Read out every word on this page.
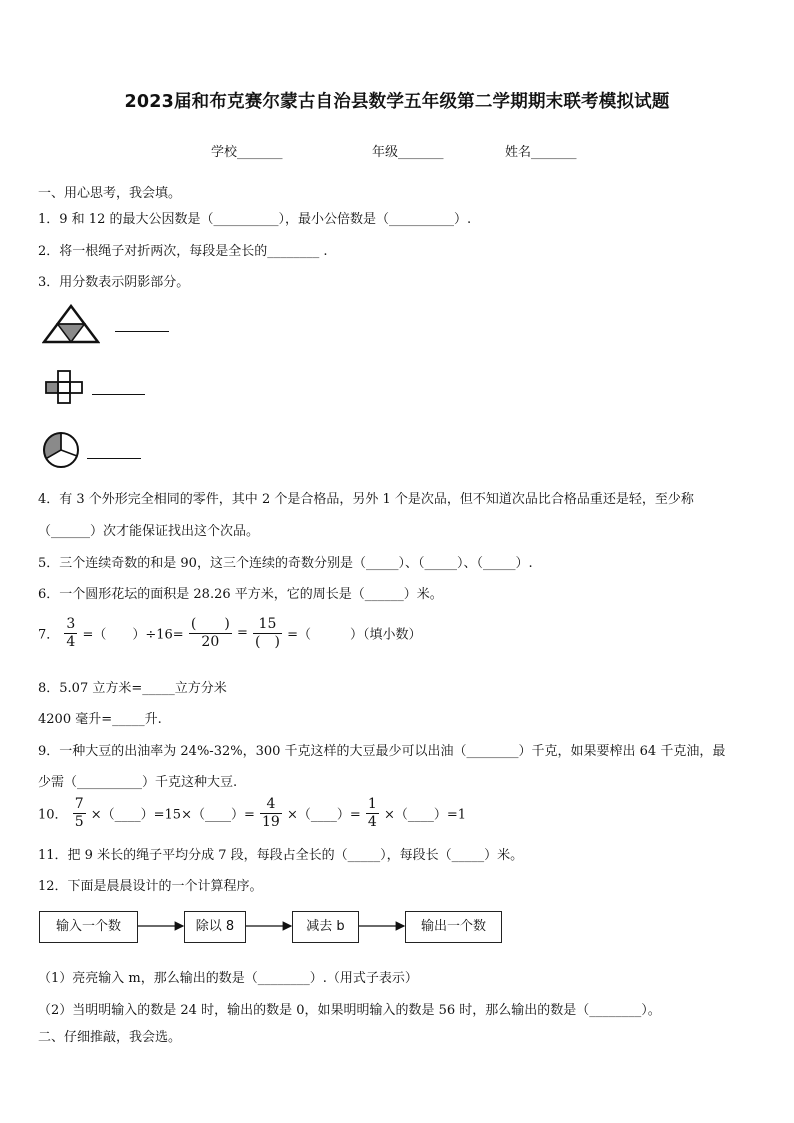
2023届和布克赛尔蒙古自治县数学五年级第二学期期末联考模拟试题
学校_______	年级_______	姓名_______
一、用心思考，我会填。
1．9 和 12 的最大公因数是（__________），最小公倍数是（__________）.
2．将一根绳子对折两次，每段是全长的________ .
3．用分数表示阴影部分。
4．有 3 个外形完全相同的零件，其中 2 个是合格品，另外 1 个是次品，但不知道次品比合格品重还是轻，至少称
（______）次才能保证找出这个次品。
5．三个连续奇数的和是 90，这三个连续的奇数分别是（_____）、（_____）、（_____）.
6．一个圆形花坛的面积是 28.26 平方米，它的周长是（______）米。
7． $\frac{3}{4}$ =（　　）$\div 16= \frac{( )}{20} = \frac{15}{( )}$ =（　　　）（填小数）
8．5.07 立方米=_____立方分米
4200 毫升=_____升.
9．一种大豆的出油率为 24%-32%，300 千克这样的大豆最少可以出油（________）千克，如果要榨出 64 千克油，最
少需（__________）千克这种大豆.
10． $\frac{7}{5}$ ×（____）=15×（____）= $\frac{4}{19}$ ×（____）= $\frac{1}{4}$ ×（____）=1
11．把 9 米长的绳子平均分成 7 段，每段占全长的（_____），每段长（_____）米。
12．下面是晨晨设计的一个计算程序。
输入一个数	除以 8	减去 b	输出一个数
（1）亮亮输入 m，那么输出的数是（________）.（用式子表示）
（2）当明明输入的数是 24 时，输出的数是 0，如果明明输入的数是 56 时，那么输出的数是（________）。
二、仔细推敲，我会选。
